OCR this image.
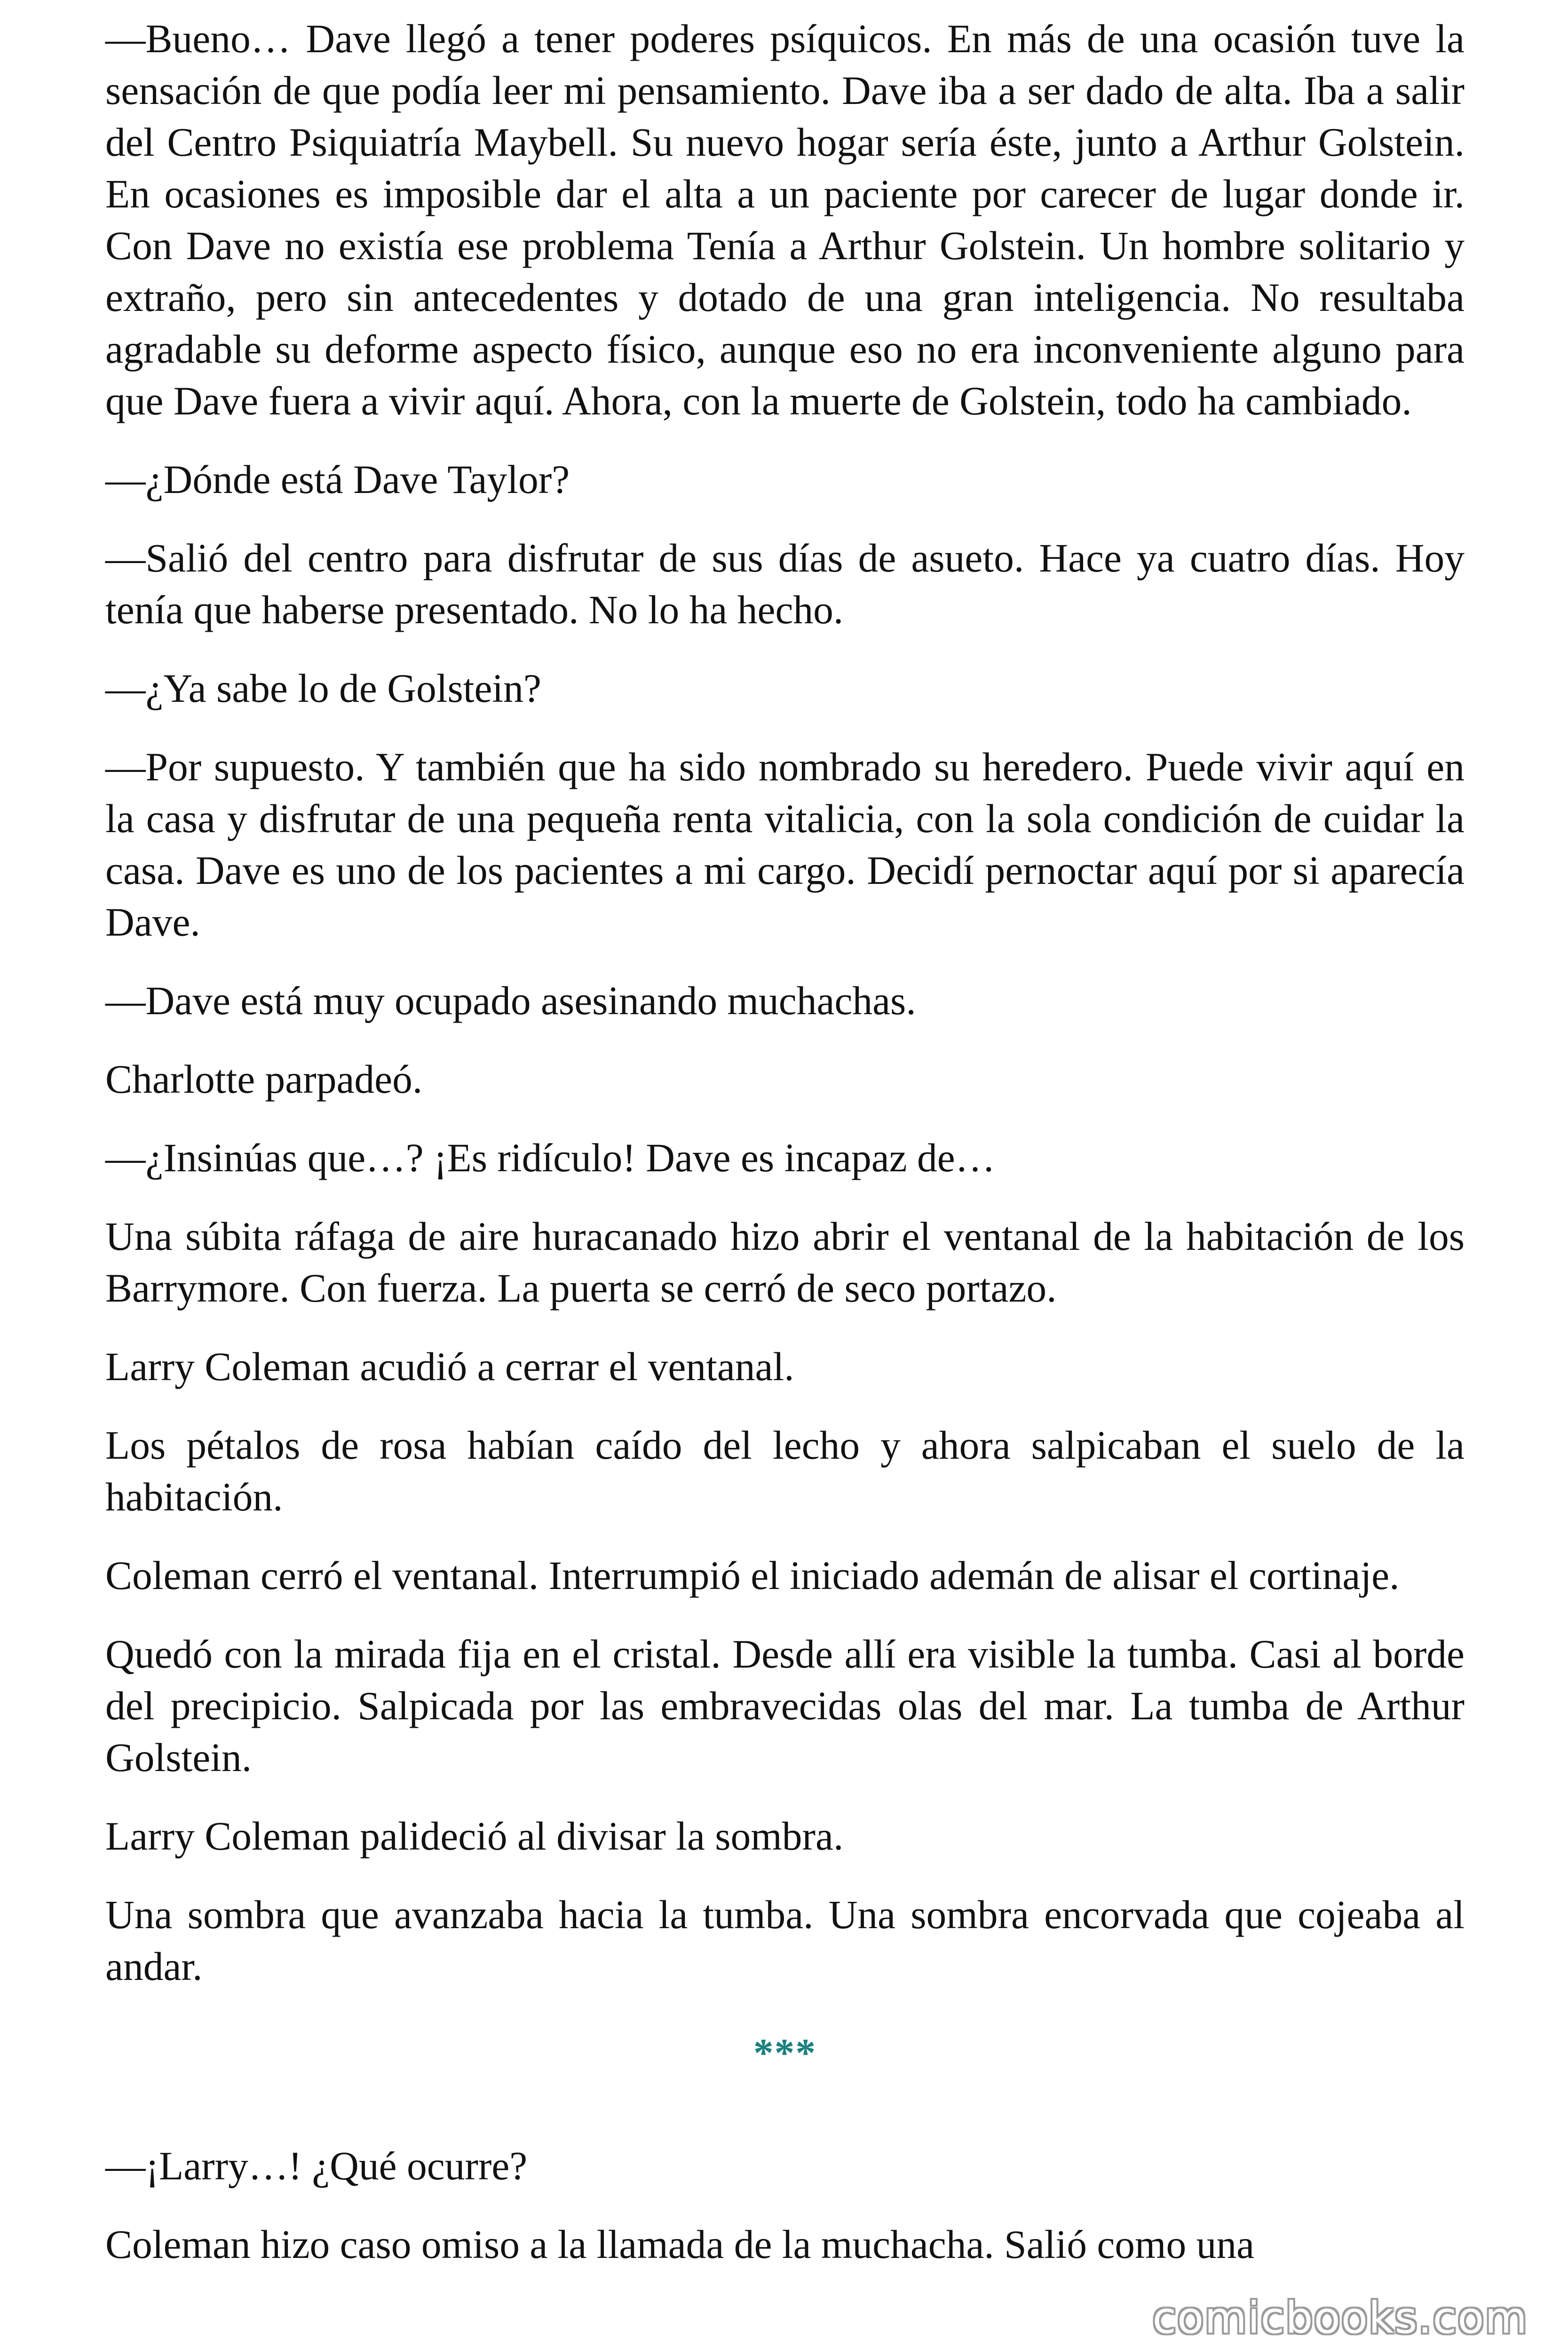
—Bueno… Dave llegó a tener poderes psíquicos. En más de una ocasión tuve la sensación de que podía leer mi pensamiento. Dave iba a ser dado de alta. Iba a salir del Centro Psiquiatría Maybell. Su nuevo hogar sería éste, junto a Arthur Golstein. En ocasiones es imposible dar el alta a un paciente por carecer de lugar donde ir. Con Dave no existía ese problema Tenía a Arthur Golstein. Un hombre solitario y extraño, pero sin antecedentes y dotado de una gran inteligencia. No resultaba agradable su deforme aspecto físico, aunque eso no era inconveniente alguno para que Dave fuera a vivir aquí. Ahora, con la muerte de Golstein, todo ha cambiado.

—¿Dónde está Dave Taylor?

—Salió del centro para disfrutar de sus días de asueto. Hace ya cuatro días. Hoy tenía que haberse presentado. No lo ha hecho.

—¿Ya sabe lo de Golstein?

—Por supuesto. Y también que ha sido nombrado su heredero. Puede vivir aquí en la casa y disfrutar de una pequeña renta vitalicia, con la sola condición de cuidar la casa. Dave es uno de los pacientes a mi cargo. Decidí pernoctar aquí por si aparecía Dave.

—Dave está muy ocupado asesinando muchachas.

Charlotte parpadeó.

—¿Insinúas que…? ¡Es ridículo! Dave es incapaz de…

Una súbita ráfaga de aire huracanado hizo abrir el ventanal de la habitación de los Barrymore. Con fuerza. La puerta se cerró de seco portazo.

Larry Coleman acudió a cerrar el ventanal.

Los pétalos de rosa habían caído del lecho y ahora salpicaban el suelo de la habitación.

Coleman cerró el ventanal. Interrumpió el iniciado ademán de alisar el cortinaje.

Quedó con la mirada fija en el cristal. Desde allí era visible la tumba. Casi al borde del precipicio. Salpicada por las embravecidas olas del mar. La tumba de Arthur Golstein.

Larry Coleman palideció al divisar la sombra.

Una sombra que avanzaba hacia la tumba. Una sombra encorvada que cojeaba al andar.

***

—¡Larry…! ¿Qué ocurre?

Coleman hizo caso omiso a la llamada de la muchacha. Salió como una

comicbooks.com
